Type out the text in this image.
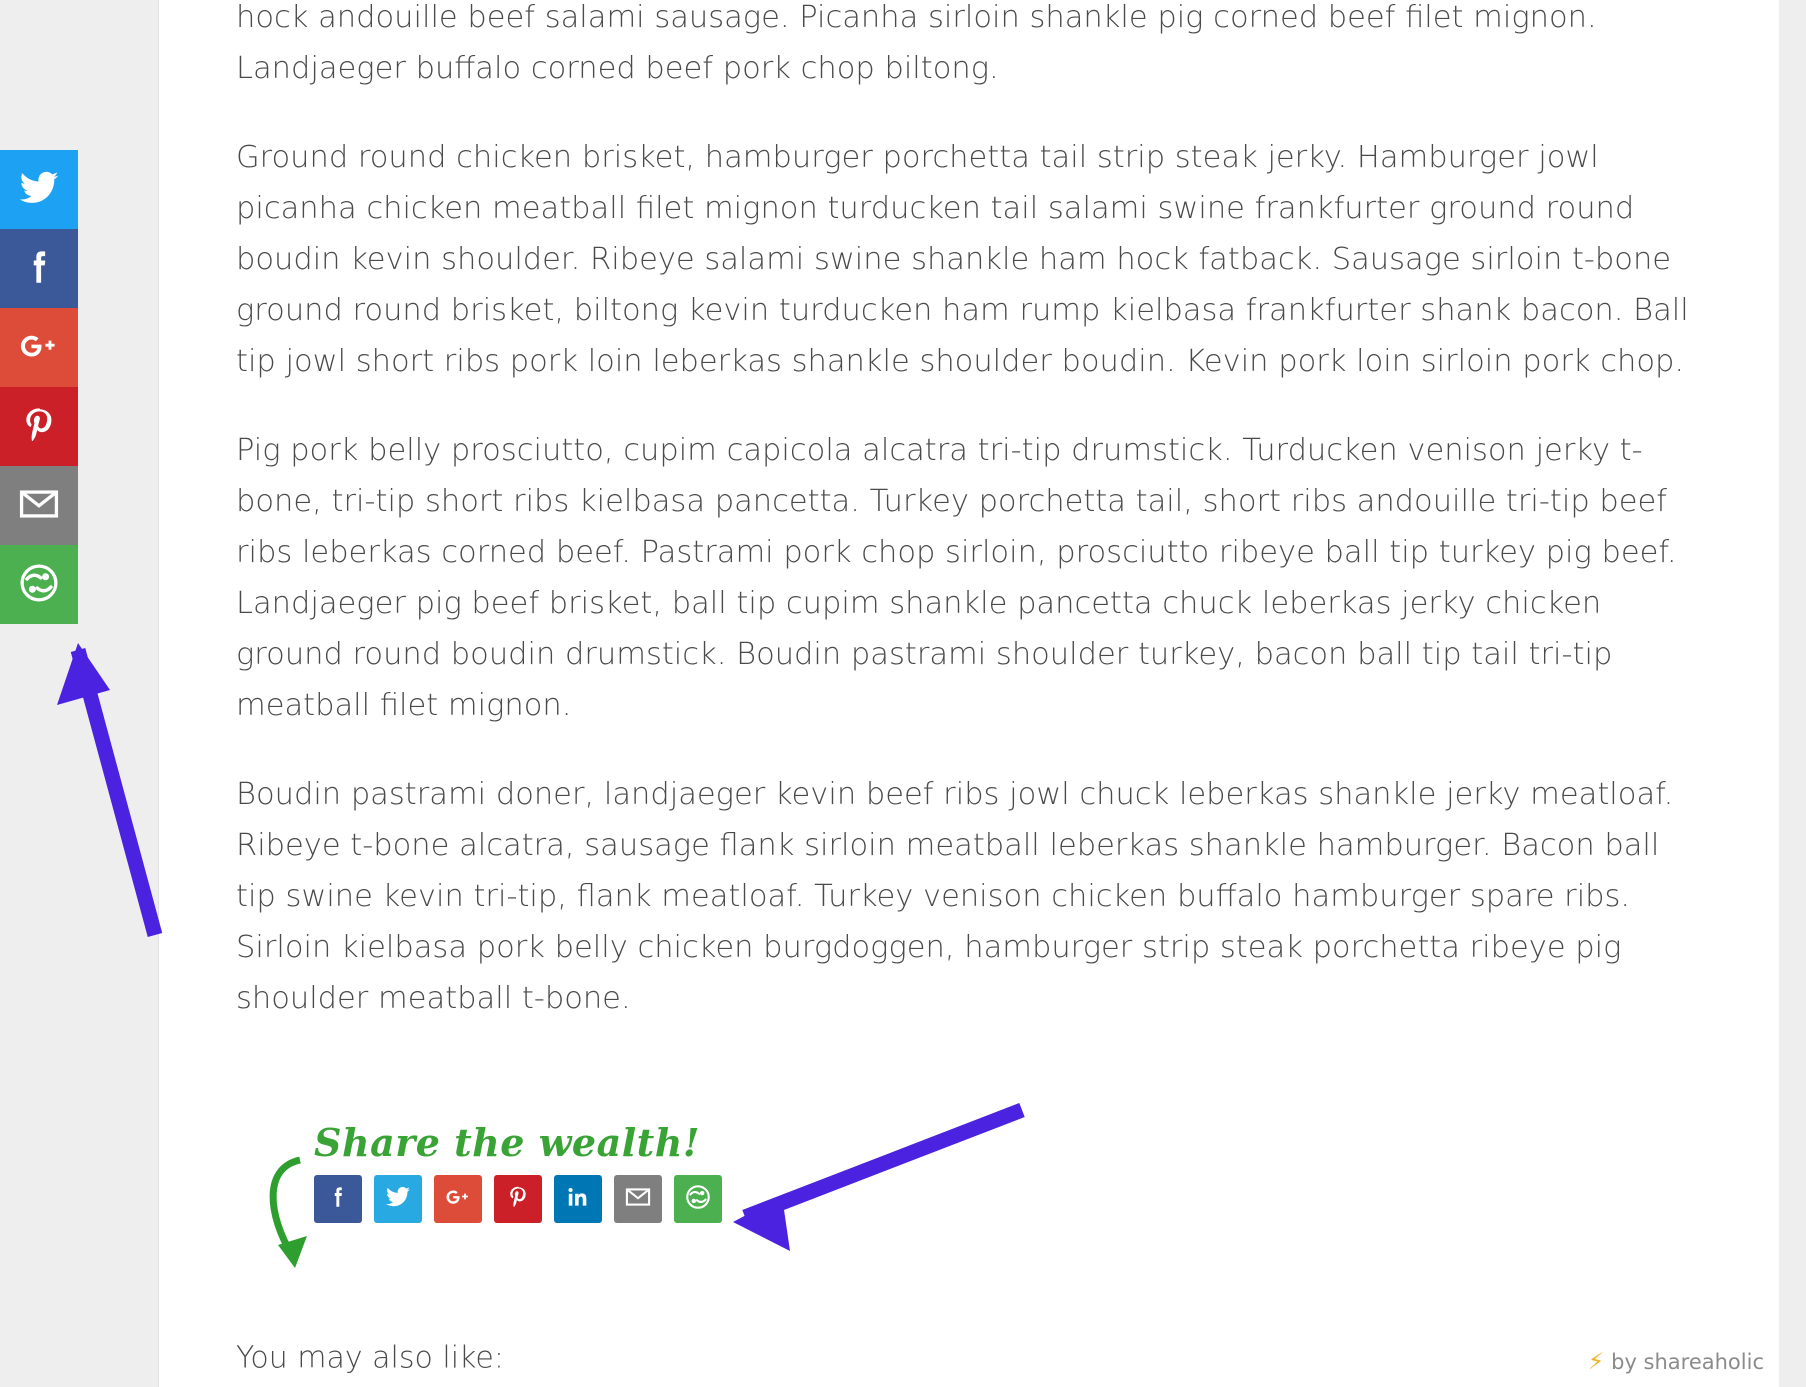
hock andouille beef salami sausage. Picanha sirloin shankle pig corned beef filet mignon. Landjaeger buffalo corned beef pork chop biltong.

Ground round chicken brisket, hamburger porchetta tail strip steak jerky. Hamburger jowl picanha chicken meatball filet mignon turducken tail salami swine frankfurter ground round boudin kevin shoulder. Ribeye salami swine shankle ham hock fatback. Sausage sirloin t-bone ground round brisket, biltong kevin turducken ham rump kielbasa frankfurter shank bacon. Ball tip jowl short ribs pork loin leberkas shankle shoulder boudin. Kevin pork loin sirloin pork chop.

Pig pork belly prosciutto, cupim capicola alcatra tri-tip drumstick. Turducken venison jerky t-bone, tri-tip short ribs kielbasa pancetta. Turkey porchetta tail, short ribs andouille tri-tip beef ribs leberkas corned beef. Pastrami pork chop sirloin, prosciutto ribeye ball tip turkey pig beef. Landjaeger pig beef brisket, ball tip cupim shankle pancetta chuck leberkas jerky chicken ground round boudin drumstick. Boudin pastrami shoulder turkey, bacon ball tip tail tri-tip meatball filet mignon.

Boudin pastrami doner, landjaeger kevin beef ribs jowl chuck leberkas shankle jerky meatloaf. Ribeye t-bone alcatra, sausage flank sirloin meatball leberkas shankle hamburger. Bacon ball tip swine kevin tri-tip, flank meatloaf. Turkey venison chicken buffalo hamburger spare ribs. Sirloin kielbasa pork belly chicken burgdoggen, hamburger strip steak porchetta ribeye pig shoulder meatball t-bone.

Share the wealth!
You may also like:	⚡ by shareaholic
